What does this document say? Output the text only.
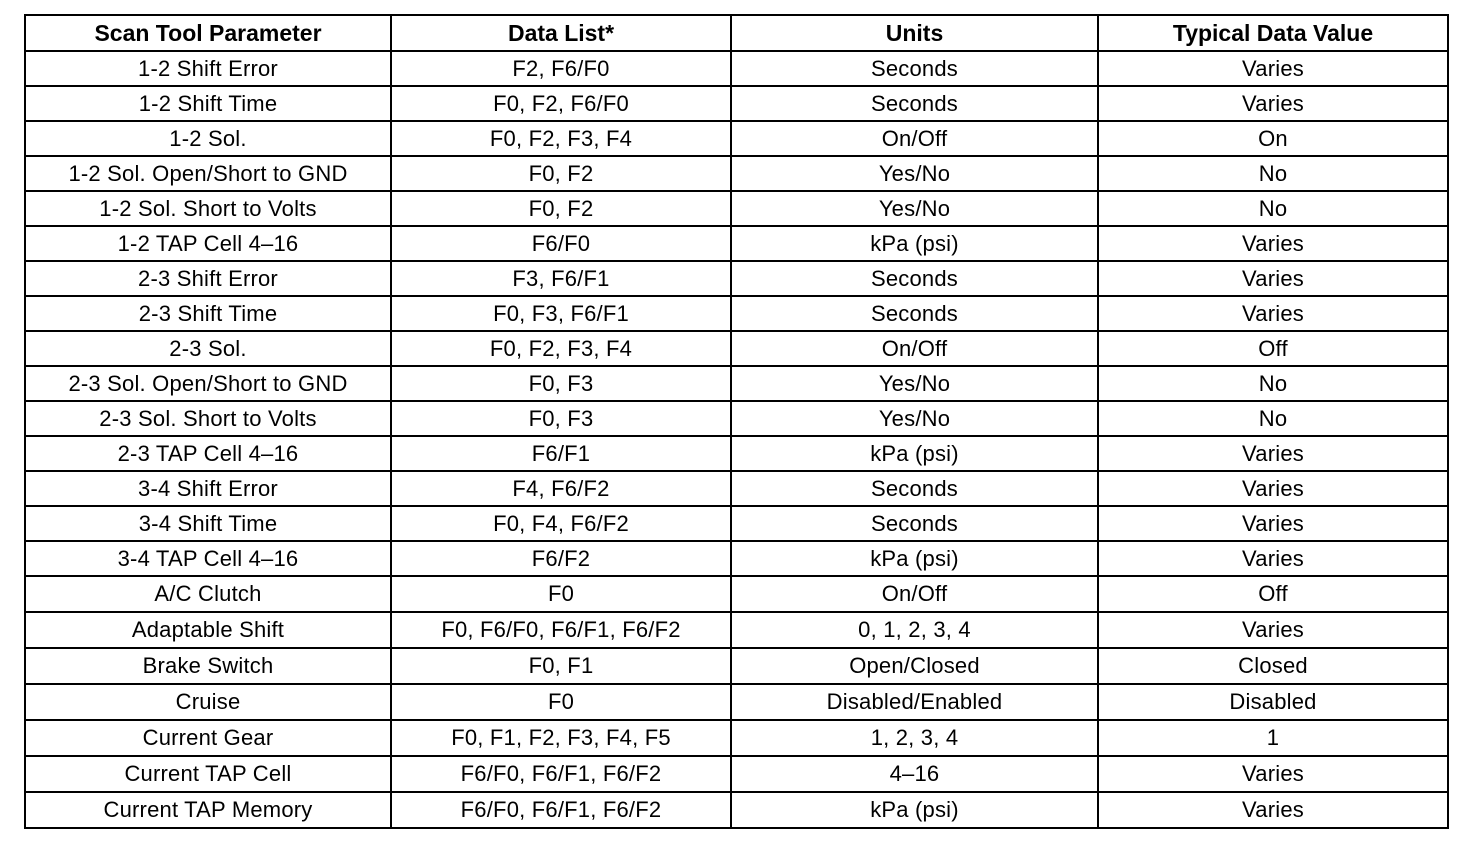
Scan Tool Parameter	Data List*	Units	Typical Data Value
1-2 Shift Error	F2, F6/F0	Seconds	Varies
1-2 Shift Time	F0, F2, F6/F0	Seconds	Varies
1-2 Sol.	F0, F2, F3, F4	On/Off	On
1-2 Sol. Open/Short to GND	F0, F2	Yes/No	No
1-2 Sol. Short to Volts	F0, F2	Yes/No	No
1-2 TAP Cell 4–16	F6/F0	kPa (psi)	Varies
2-3 Shift Error	F3, F6/F1	Seconds	Varies
2-3 Shift Time	F0, F3, F6/F1	Seconds	Varies
2-3 Sol.	F0, F2, F3, F4	On/Off	Off
2-3 Sol. Open/Short to GND	F0, F3	Yes/No	No
2-3 Sol. Short to Volts	F0, F3	Yes/No	No
2-3 TAP Cell 4–16	F6/F1	kPa (psi)	Varies
3-4 Shift Error	F4, F6/F2	Seconds	Varies
3-4 Shift Time	F0, F4, F6/F2	Seconds	Varies
3-4 TAP Cell 4–16	F6/F2	kPa (psi)	Varies
A/C Clutch	F0	On/Off	Off
Adaptable Shift	F0, F6/F0, F6/F1, F6/F2	0, 1, 2, 3, 4	Varies
Brake Switch	F0, F1	Open/Closed	Closed
Cruise	F0	Disabled/Enabled	Disabled
Current Gear	F0, F1, F2, F3, F4, F5	1, 2, 3, 4	1
Current TAP Cell	F6/F0, F6/F1, F6/F2	4–16	Varies
Current TAP Memory	F6/F0, F6/F1, F6/F2	kPa (psi)	Varies
